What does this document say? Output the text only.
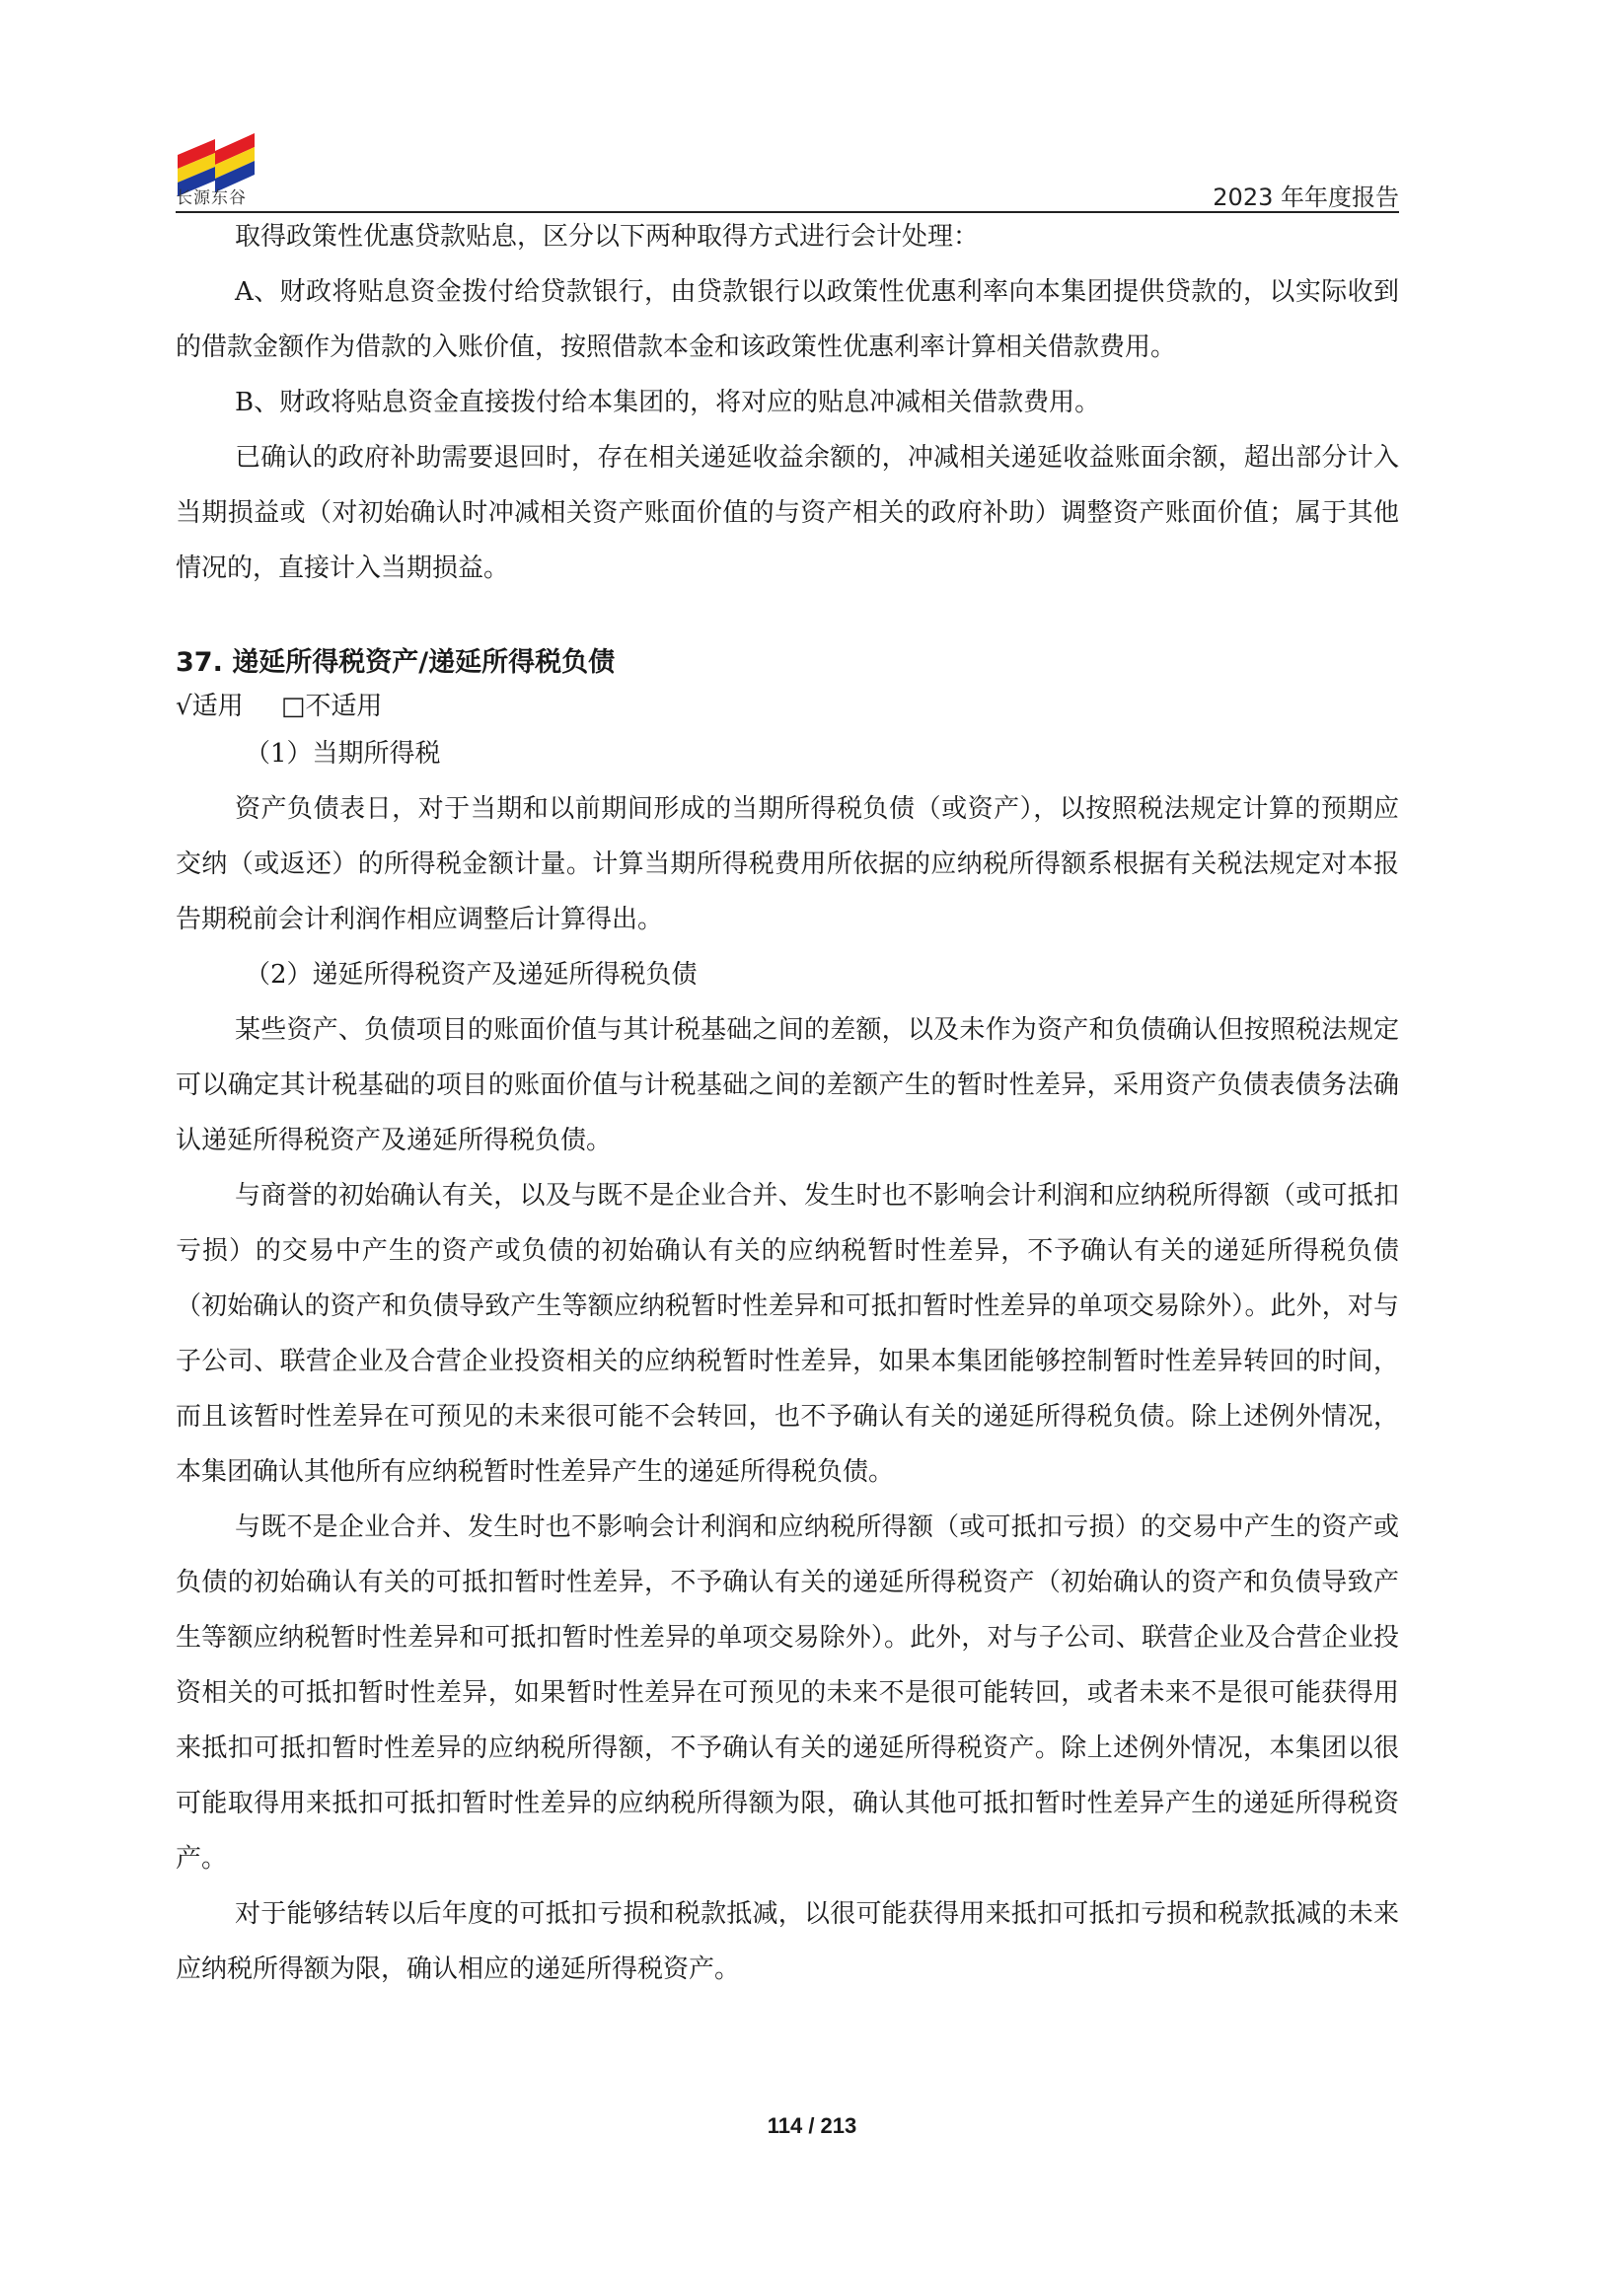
长源东谷	2023 年年度报告

取得政策性优惠贷款贴息，区分以下两种取得方式进行会计处理：

A、财政将贴息资金拨付给贷款银行，由贷款银行以政策性优惠利率向本集团提供贷款的，以实际收到的借款金额作为借款的入账价值，按照借款本金和该政策性优惠利率计算相关借款费用。

B、财政将贴息资金直接拨付给本集团的，将对应的贴息冲减相关借款费用。

已确认的政府补助需要退回时，存在相关递延收益余额的，冲减相关递延收益账面余额，超出部分计入当期损益或（对初始确认时冲减相关资产账面价值的与资产相关的政府补助）调整资产账面价值；属于其他情况的，直接计入当期损益。

37. 递延所得税资产/递延所得税负债
√适用 □不适用

（1）当期所得税

资产负债表日，对于当期和以前期间形成的当期所得税负债（或资产），以按照税法规定计算的预期应交纳（或返还）的所得税金额计量。计算当期所得税费用所依据的应纳税所得额系根据有关税法规定对本报告期税前会计利润作相应调整后计算得出。

（2）递延所得税资产及递延所得税负债

某些资产、负债项目的账面价值与其计税基础之间的差额，以及未作为资产和负债确认但按照税法规定可以确定其计税基础的项目的账面价值与计税基础之间的差额产生的暂时性差异，采用资产负债表债务法确认递延所得税资产及递延所得税负债。

与商誉的初始确认有关，以及与既不是企业合并、发生时也不影响会计利润和应纳税所得额（或可抵扣亏损）的交易中产生的资产或负债的初始确认有关的应纳税暂时性差异，不予确认有关的递延所得税负债（初始确认的资产和负债导致产生等额应纳税暂时性差异和可抵扣暂时性差异的单项交易除外）。此外，对与子公司、联营企业及合营企业投资相关的应纳税暂时性差异，如果本集团能够控制暂时性差异转回的时间，而且该暂时性差异在可预见的未来很可能不会转回，也不予确认有关的递延所得税负债。除上述例外情况，本集团确认其他所有应纳税暂时性差异产生的递延所得税负债。

与既不是企业合并、发生时也不影响会计利润和应纳税所得额（或可抵扣亏损）的交易中产生的资产或负债的初始确认有关的可抵扣暂时性差异，不予确认有关的递延所得税资产（初始确认的资产和负债导致产生等额应纳税暂时性差异和可抵扣暂时性差异的单项交易除外）。此外，对与子公司、联营企业及合营企业投资相关的可抵扣暂时性差异，如果暂时性差异在可预见的未来不是很可能转回，或者未来不是很可能获得用来抵扣可抵扣暂时性差异的应纳税所得额，不予确认有关的递延所得税资产。除上述例外情况，本集团以很可能取得用来抵扣可抵扣暂时性差异的应纳税所得额为限，确认其他可抵扣暂时性差异产生的递延所得税资产。

对于能够结转以后年度的可抵扣亏损和税款抵减，以很可能获得用来抵扣可抵扣亏损和税款抵减的未来应纳税所得额为限，确认相应的递延所得税资产。

114 / 213
